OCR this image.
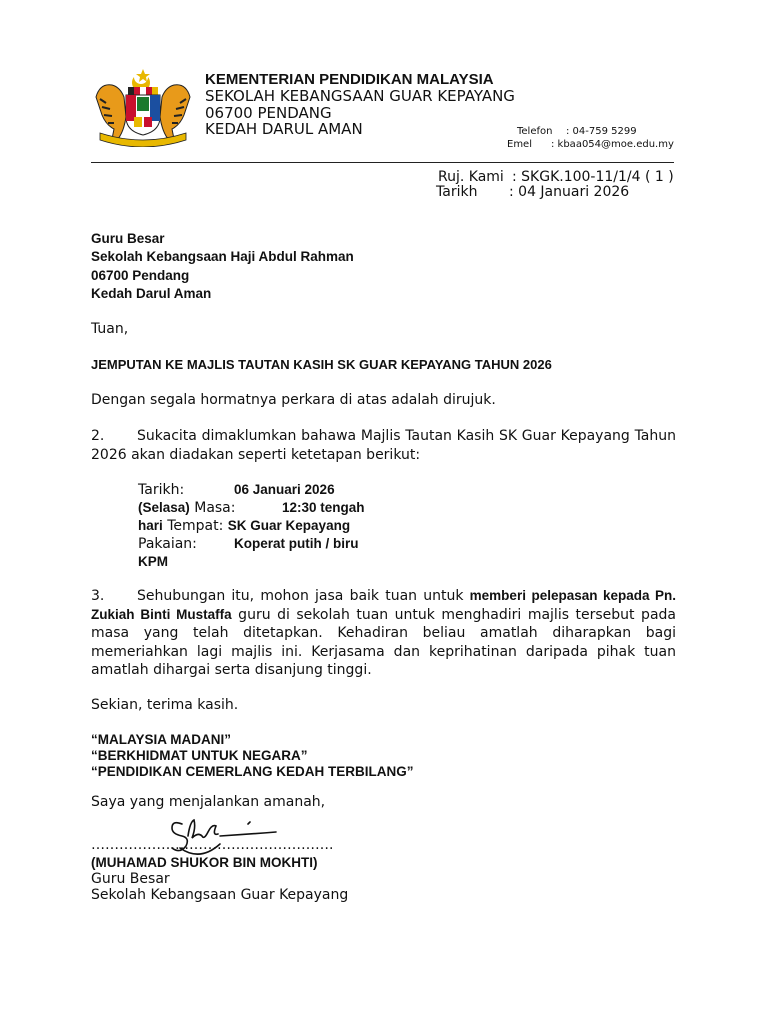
KEMENTERIAN PENDIDIKAN MALAYSIA
SEKOLAH KEBANGSAAN GUAR KEPAYANG
06700 PENDANG
KEDAH DARUL AMAN	Telefon : 04-759 5299
Emel : kbaa054@moe.edu.my
Ruj. Kami : SKGK.100-11/1/4 ( 1 )
Tarikh : 04 Januari 2026
Guru Besar
Sekolah Kebangsaan Haji Abdul Rahman
06700 Pendang
Kedah Darul Aman
Tuan,
JEMPUTAN KE MAJLIS TAUTAN KASIH SK GUAR KEPAYANG TAHUN 2026
Dengan segala hormatnya perkara di atas adalah dirujuk.
2. Sukacita dimaklumkan bahawa Majlis Tautan Kasih SK Guar Kepayang Tahun 2026 akan diadakan seperti ketetapan berikut:
Tarikh:	06 Januari 2026
(Selasa) Masa:	12:30 tengah
hari Tempat: SK Guar Kepayang
Pakaian:	Koperat putih / biru
KPM
3. Sehubungan itu, mohon jasa baik tuan untuk memberi pelepasan kepada Pn. Zukiah Binti Mustaffa guru di sekolah tuan untuk menghadiri majlis tersebut pada masa yang telah ditetapkan. Kehadiran beliau amatlah diharapkan bagi memeriahkan lagi majlis ini. Kerjasama dan keprihatinan daripada pihak tuan amatlah dihargai serta disanjung tinggi.
Sekian, terima kasih.
“MALAYSIA MADANI”
“BERKHIDMAT UNTUK NEGARA”
“PENDIDIKAN CEMERLANG KEDAH TERBILANG”
Saya yang menjalankan amanah,
…………………………………………….
(MUHAMAD SHUKOR BIN MOKHTI)
Guru Besar
Sekolah Kebangsaan Guar Kepayang
